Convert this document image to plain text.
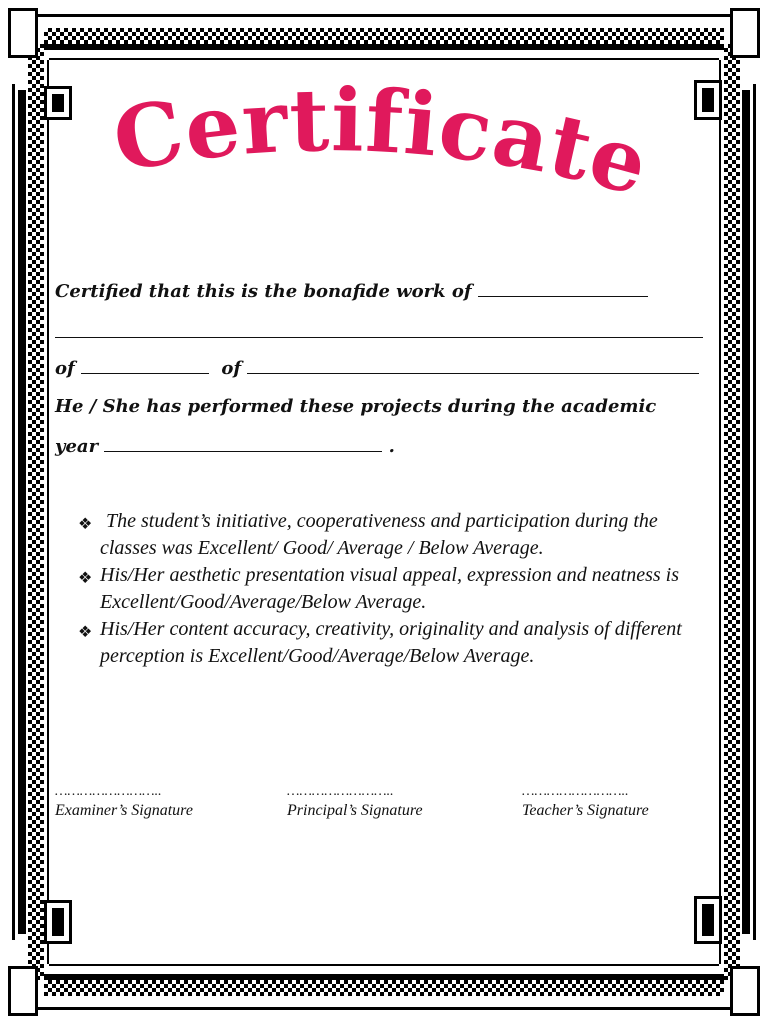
Certificat
Certified that this is the bonafide work of
of	of
He / She has performed these projects during the academic
year	.
❖ The student’s initiative, cooperativeness and participation during the classes was Excellent/ Good/ Average / Below Average.
❖ His/Her aesthetic presentation visual appeal, expression and neatness is Excellent/Good/Average/Below Average.
❖ His/Her content accuracy, creativity, originality and analysis of different perception is Excellent/Good/Average/Below Average.
……………………..
Examiner’s Signature
……………………..
Principal’s Signature
……………………..
Teacher’s Signature
